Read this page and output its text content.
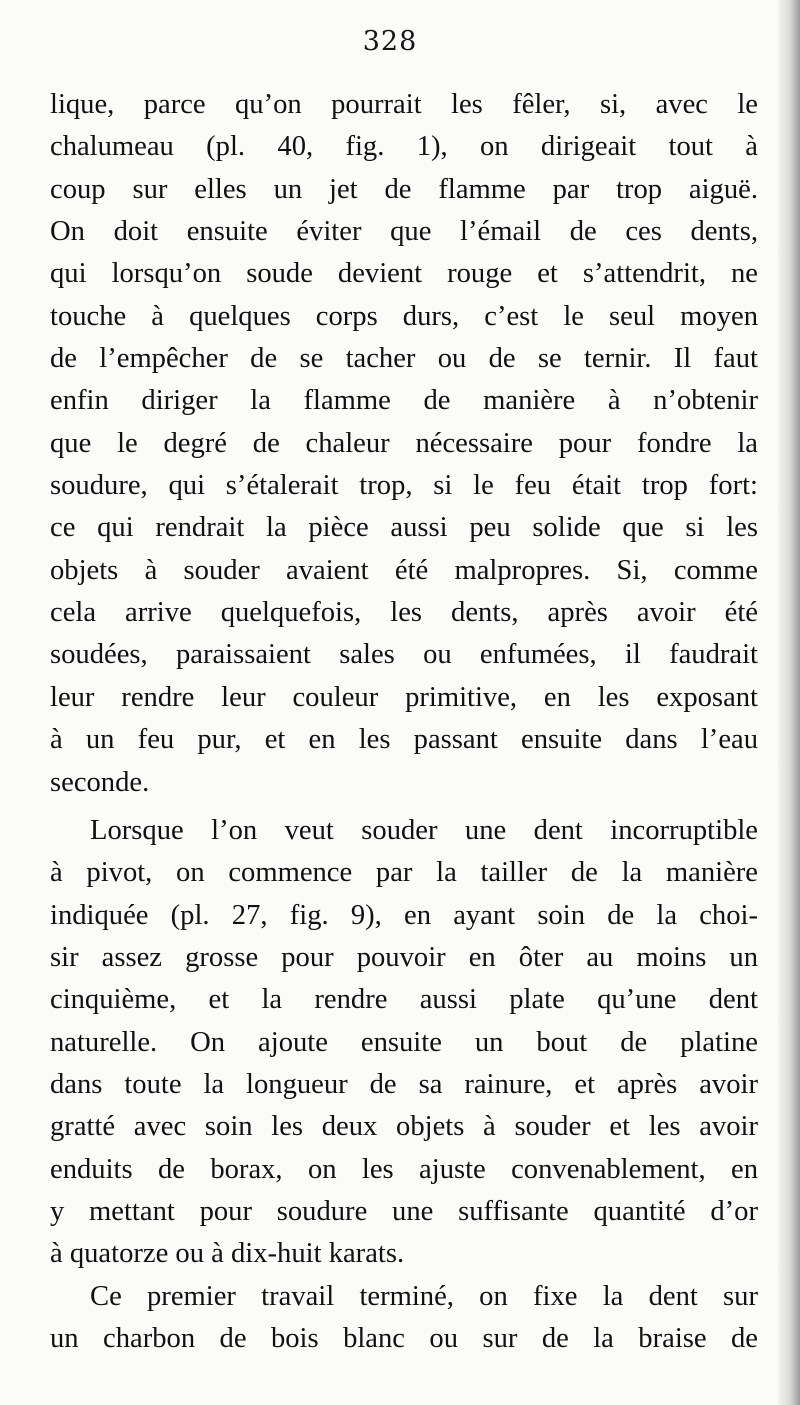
328
lique, parce qu’on pourrait les fêler, si, avec le
chalumeau (pl. 40, fig. 1), on dirigeait tout à
coup sur elles un jet de flamme par trop aiguë.
On doit ensuite éviter que l’émail de ces dents,
qui lorsqu’on soude devient rouge et s’attendrit, ne
touche à quelques corps durs, c’est le seul moyen
de l’empêcher de se tacher ou de se ternir. Il faut
enfin diriger la flamme de manière à n’obtenir
que le degré de chaleur nécessaire pour fondre la
soudure, qui s’étalerait trop, si le feu était trop fort:
ce qui rendrait la pièce aussi peu solide que si les
objets à souder avaient été malpropres. Si, comme
cela arrive quelquefois, les dents, après avoir été
soudées, paraissaient sales ou enfumées, il faudrait
leur rendre leur couleur primitive, en les exposant
à un feu pur, et en les passant ensuite dans l’eau
seconde.
Lorsque l’on veut souder une dent incorruptible
à pivot, on commence par la tailler de la manière
indiquée (pl. 27, fig. 9), en ayant soin de la choi-
sir assez grosse pour pouvoir en ôter au moins un
cinquième, et la rendre aussi plate qu’une dent
naturelle. On ajoute ensuite un bout de platine
dans toute la longueur de sa rainure, et après avoir
gratté avec soin les deux objets à souder et les avoir
enduits de borax, on les ajuste convenablement, en
y mettant pour soudure une suffisante quantité d’or
à quatorze ou à dix-huit karats.
Ce premier travail terminé, on fixe la dent sur
un charbon de bois blanc ou sur de la braise de
